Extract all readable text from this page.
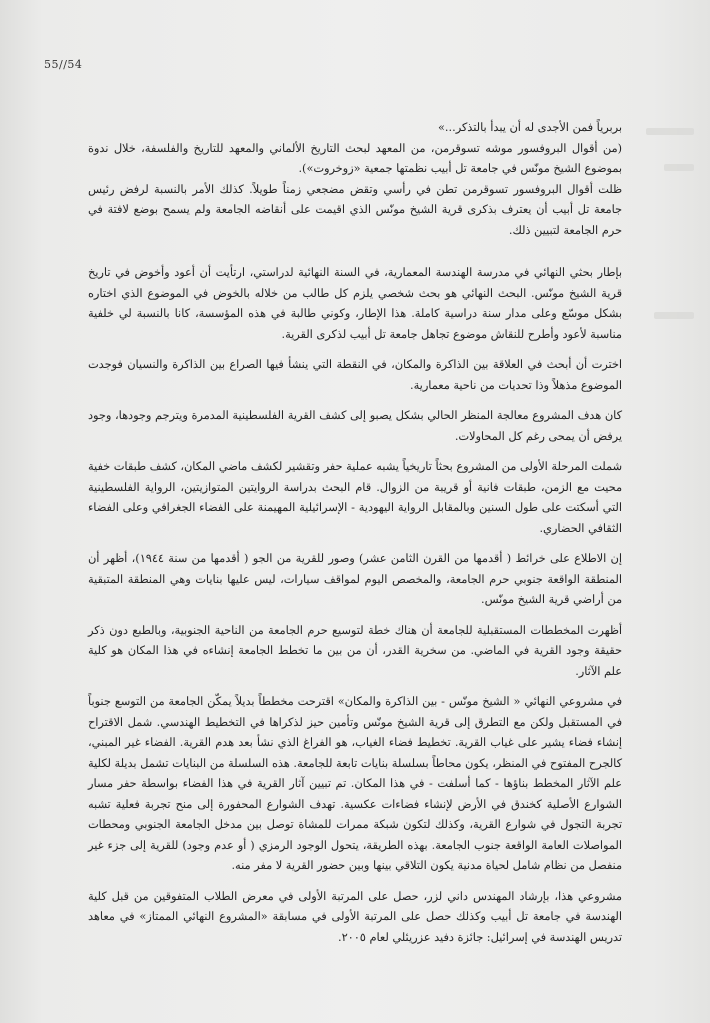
55//54

بربرياً فمن الأجدى له أن يبدأ بالتذكر...»

(من أقوال البروفسور موشه تسوقرمن، من المعهد لبحث التاريخ الألماني والمعهد للتاريخ والفلسفة، خلال ندوة بموضوع الشيخ مونّس في جامعة تل أبيب نظمتها جمعية «زوخروت»).

ظلت أقوال البروفسور تسوقرمن تطن في رأسي وتقض مضجعي زمناً طويلاً. كذلك الأمر بالنسبة لرفض رئيس جامعة تل أبيب أن يعترف بذكرى قرية الشيخ مونّس الذي اقيمت على أنقاضه الجامعة ولم يسمح بوضع لافتة في حرم الجامعة لتبيين ذلك.

بإطار بحثي النهائي في مدرسة الهندسة المعمارية، في السنة النهائية لدراستي، ارتأيت أن أعود وأخوض في تاريخ قرية الشيخ مونّس. البحث النهائي هو بحث شخصي يلزم كل طالب من خلاله بالخوض في الموضوع الذي اختاره بشكل موسّع وعلى مدار سنة دراسية كاملة. هذا الإطار، وكوني طالبة في هذه المؤسسة، كانا بالنسبة لي خلفية مناسبة لأعود وأطرح للنقاش موضوع تجاهل جامعة تل أبيب لذكرى القرية.

اخترت أن أبحث في العلاقة بين الذاكرة والمكان، في النقطة التي ينشأ فيها الصراع بين الذاكرة والنسيان فوجدت الموضوع مذهلاً وذا تحديات من ناحية معمارية.

كان هدف المشروع معالجة المنظر الحالي بشكل يصبو إلى كشف القرية الفلسطينية المدمرة ويترجم وجودها، وجود يرفض أن يمحى رغم كل المحاولات.

شملت المرحلة الأولى من المشروع بحثاً تاريخياً يشبه عملية حفر وتقشير لكشف ماضي المكان، كشف طبقات خفية محيت مع الزمن، طبقات فانية أو قريبة من الزوال. قام البحث بدراسة الروايتين المتوازيتين، الرواية الفلسطينية التي أسكتت على طول السنين وبالمقابل الرواية اليهودية - الإسرائيلية المهيمنة على الفضاء الجغرافي وعلى الفضاء الثقافي الحضاري.

إن الاطلاع على خرائط ( أقدمها من القرن الثامن عشر) وصور للقرية من الجو ( أقدمها من سنة ١٩٤٤)، أظهر أن المنطقة الواقعة جنوبي حرم الجامعة، والمخصص اليوم لمواقف سيارات، ليس عليها بنايات وهي المنطقة المتبقية من أراضي قرية الشيخ مونّس.

أظهرت المخططات المستقبلية للجامعة أن هناك خطة لتوسيع حرم الجامعة من الناحية الجنوبية، وبالطبع دون ذكر حقيقة وجود القرية في الماضي. من سخرية القدر، أن من بين ما تخطط الجامعة إنشاءه في هذا المكان هو كلية علم الآثار.

في مشروعي النهائي « الشيخ مونّس - بين الذاكرة والمكان» اقترحت مخططاً بديلاً يمكّن الجامعة من التوسع جنوباً في المستقبل ولكن مع التطرق إلى قرية الشيخ مونّس وتأمين حيز لذكراها في التخطيط الهندسي. شمل الاقتراح إنشاء فضاء يشير على غياب القرية. تخطيط فضاء الغياب، هو الفراغ الذي نشأ بعد هدم القرية. الفضاء غير المبني، كالجرح المفتوح في المنظر، يكون محاطاً بسلسلة بنايات تابعة للجامعة. هذه السلسلة من البنايات تشمل بديلة لكلية علم الآثار المخطط بناؤها - كما أسلفت - في هذا المكان. تم تبيين آثار القرية في هذا الفضاء بواسطة حفر مسار الشوارع الأصلية كخندق في الأرض لإنشاء فضاءات عكسية. تهدف الشوارع المحفورة إلى منح تجربة فعلية تشبه تجربة التجول في شوارع القرية، وكذلك لتكون شبكة ممرات للمشاة توصل بين مدخل الجامعة الجنوبي ومحطات المواصلات العامة الواقعة جنوب الجامعة. بهذه الطريقة، يتحول الوجود الرمزي ( أو عدم وجود) للقرية إلى جزء غير منفصل من نظام شامل لحياة مدنية يكون التلاقي بينها وبين حضور القرية لا مفر منه.

مشروعي هذا، بإرشاد المهندس داني لزر، حصل على المرتبة الأولى في معرض الطلاب المتفوقين من قبل كلية الهندسة في جامعة تل أبيب وكذلك حصل على المرتبة الأولى في مسابقة «المشروع النهائي الممتاز» في معاهد تدريس الهندسة في إسرائيل: جائزة دفيد عزريئلي لعام ٢٠٠٥.
